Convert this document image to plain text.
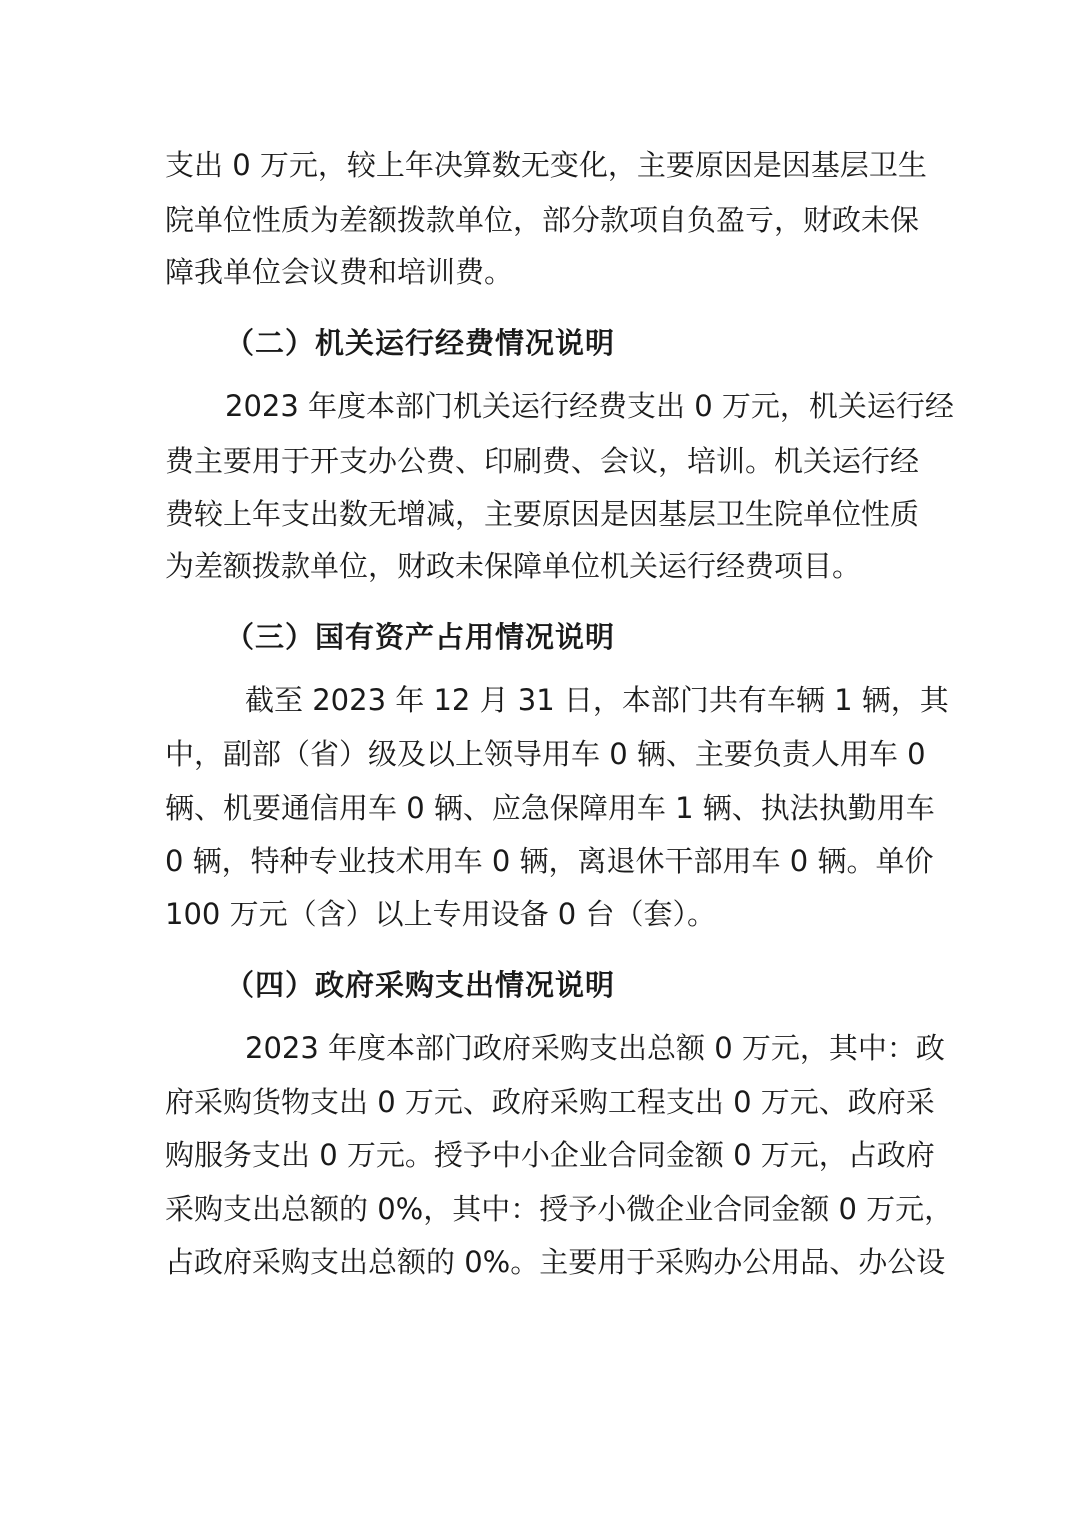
支出 0 万元，较上年决算数无变化，主要原因是因基层卫生
院单位性质为差额拨款单位，部分款项自负盈亏，财政未保
障我单位会议费和培训费。
（二）机关运行经费情况说明
2023 年度本部门机关运行经费支出 0 万元，机关运行经
费主要用于开支办公费、印刷费、会议，培训。机关运行经
费较上年支出数无增减，主要原因是因基层卫生院单位性质
为差额拨款单位，财政未保障单位机关运行经费项目。
（三）国有资产占用情况说明
截至 2023 年 12 月 31 日，本部门共有车辆 1 辆，其
中，副部（省）级及以上领导用车 0 辆、主要负责人用车 0
辆、机要通信用车 0 辆、应急保障用车 1 辆、执法执勤用车
0 辆，特种专业技术用车 0 辆，离退休干部用车 0 辆。单价
100 万元（含）以上专用设备 0 台（套）。
（四）政府采购支出情况说明
2023 年度本部门政府采购支出总额 0 万元，其中：政
府采购货物支出 0 万元、政府采购工程支出 0 万元、政府采
购服务支出 0 万元。授予中小企业合同金额 0 万元，占政府
采购支出总额的 0%，其中：授予小微企业合同金额 0 万元，
占政府采购支出总额的 0%。主要用于采购办公用品、办公设
